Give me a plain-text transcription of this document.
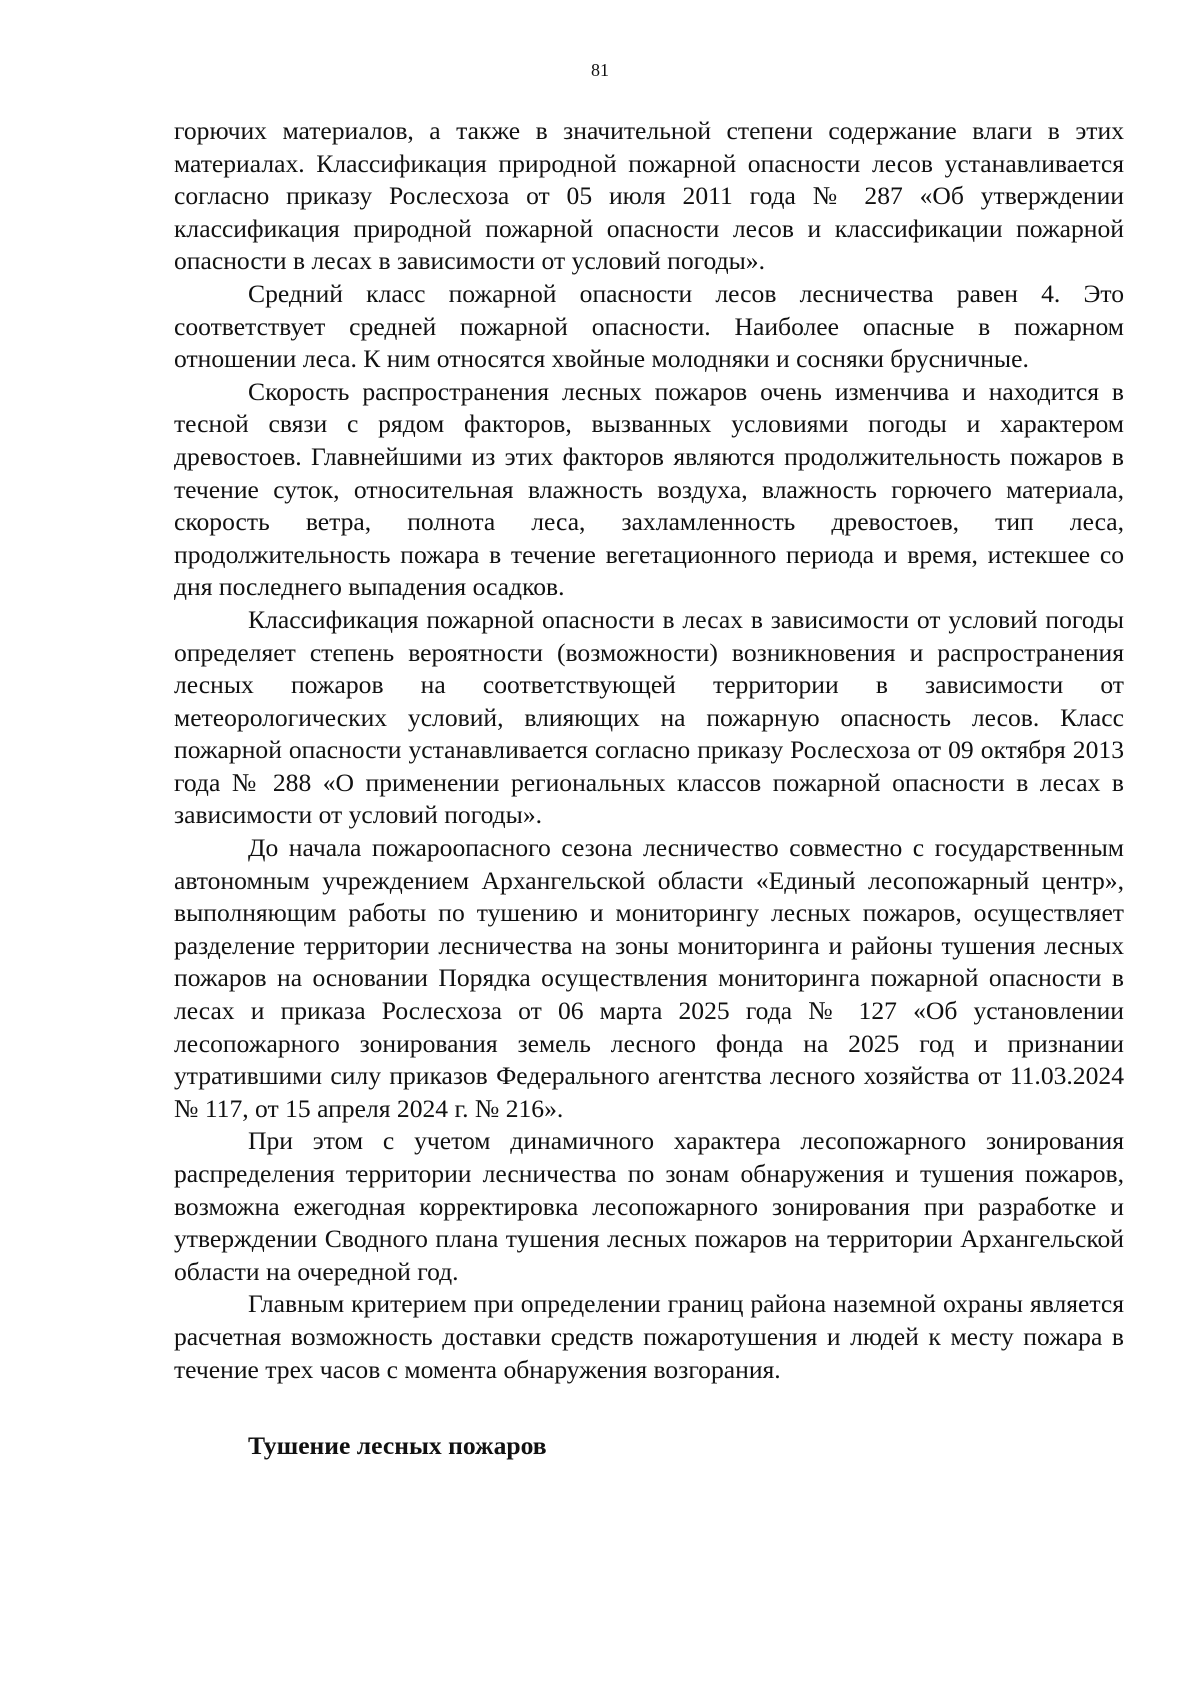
81

горючих материалов, а также в значительной степени содержание влаги в этих материалах. Классификация природной пожарной опасности лесов устанавливается согласно приказу Рослесхоза от 05 июля 2011 года № 287 «Об утверждении классификация природной пожарной опасности лесов и классификации пожарной опасности в лесах в зависимости от условий погоды».

Средний класс пожарной опасности лесов лесничества равен 4. Это соответствует средней пожарной опасности. Наиболее опасные в пожарном отношении леса. К ним относятся хвойные молодняки и сосняки брусничные.

Скорость распространения лесных пожаров очень изменчива и находится в тесной связи с рядом факторов, вызванных условиями погоды и характером древостоев. Главнейшими из этих факторов являются продолжительность пожаров в течение суток, относительная влажность воздуха, влажность горючего материала, скорость ветра, полнота леса, захламленность древостоев, тип леса, продолжительность пожара в течение вегетационного периода и время, истекшее со дня последнего выпадения осадков.

Классификация пожарной опасности в лесах в зависимости от условий погоды определяет степень вероятности (возможности) возникновения и распространения лесных пожаров на соответствующей территории в зависимости от метеорологических условий, влияющих на пожарную опасность лесов. Класс пожарной опасности устанавливается согласно приказу Рослесхоза от 09 октября 2013 года № 288 «О применении региональных классов пожарной опасности в лесах в зависимости от условий погоды».

До начала пожароопасного сезона лесничество совместно с государственным автономным учреждением Архангельской области «Единый лесопожарный центр», выполняющим работы по тушению и мониторингу лесных пожаров, осуществляет разделение территории лесничества на зоны мониторинга и районы тушения лесных пожаров на основании Порядка осуществления мониторинга пожарной опасности в лесах и приказа Рослесхоза от 06 марта 2025 года № 127 «Об установлении лесопожарного зонирования земель лесного фонда на 2025 год и признании утратившими силу приказов Федерального агентства лесного хозяйства от 11.03.2024 № 117, от 15 апреля 2024 г. № 216».

При этом с учетом динамичного характера лесопожарного зонирования распределения территории лесничества по зонам обнаружения и тушения пожаров, возможна ежегодная корректировка лесопожарного зонирования при разработке и утверждении Сводного плана тушения лесных пожаров на территории Архангельской области на очередной год.

Главным критерием при определении границ района наземной охраны является расчетная возможность доставки средств пожаротушения и людей к месту пожара в течение трех часов с момента обнаружения возгорания.

Тушение лесных пожаров
